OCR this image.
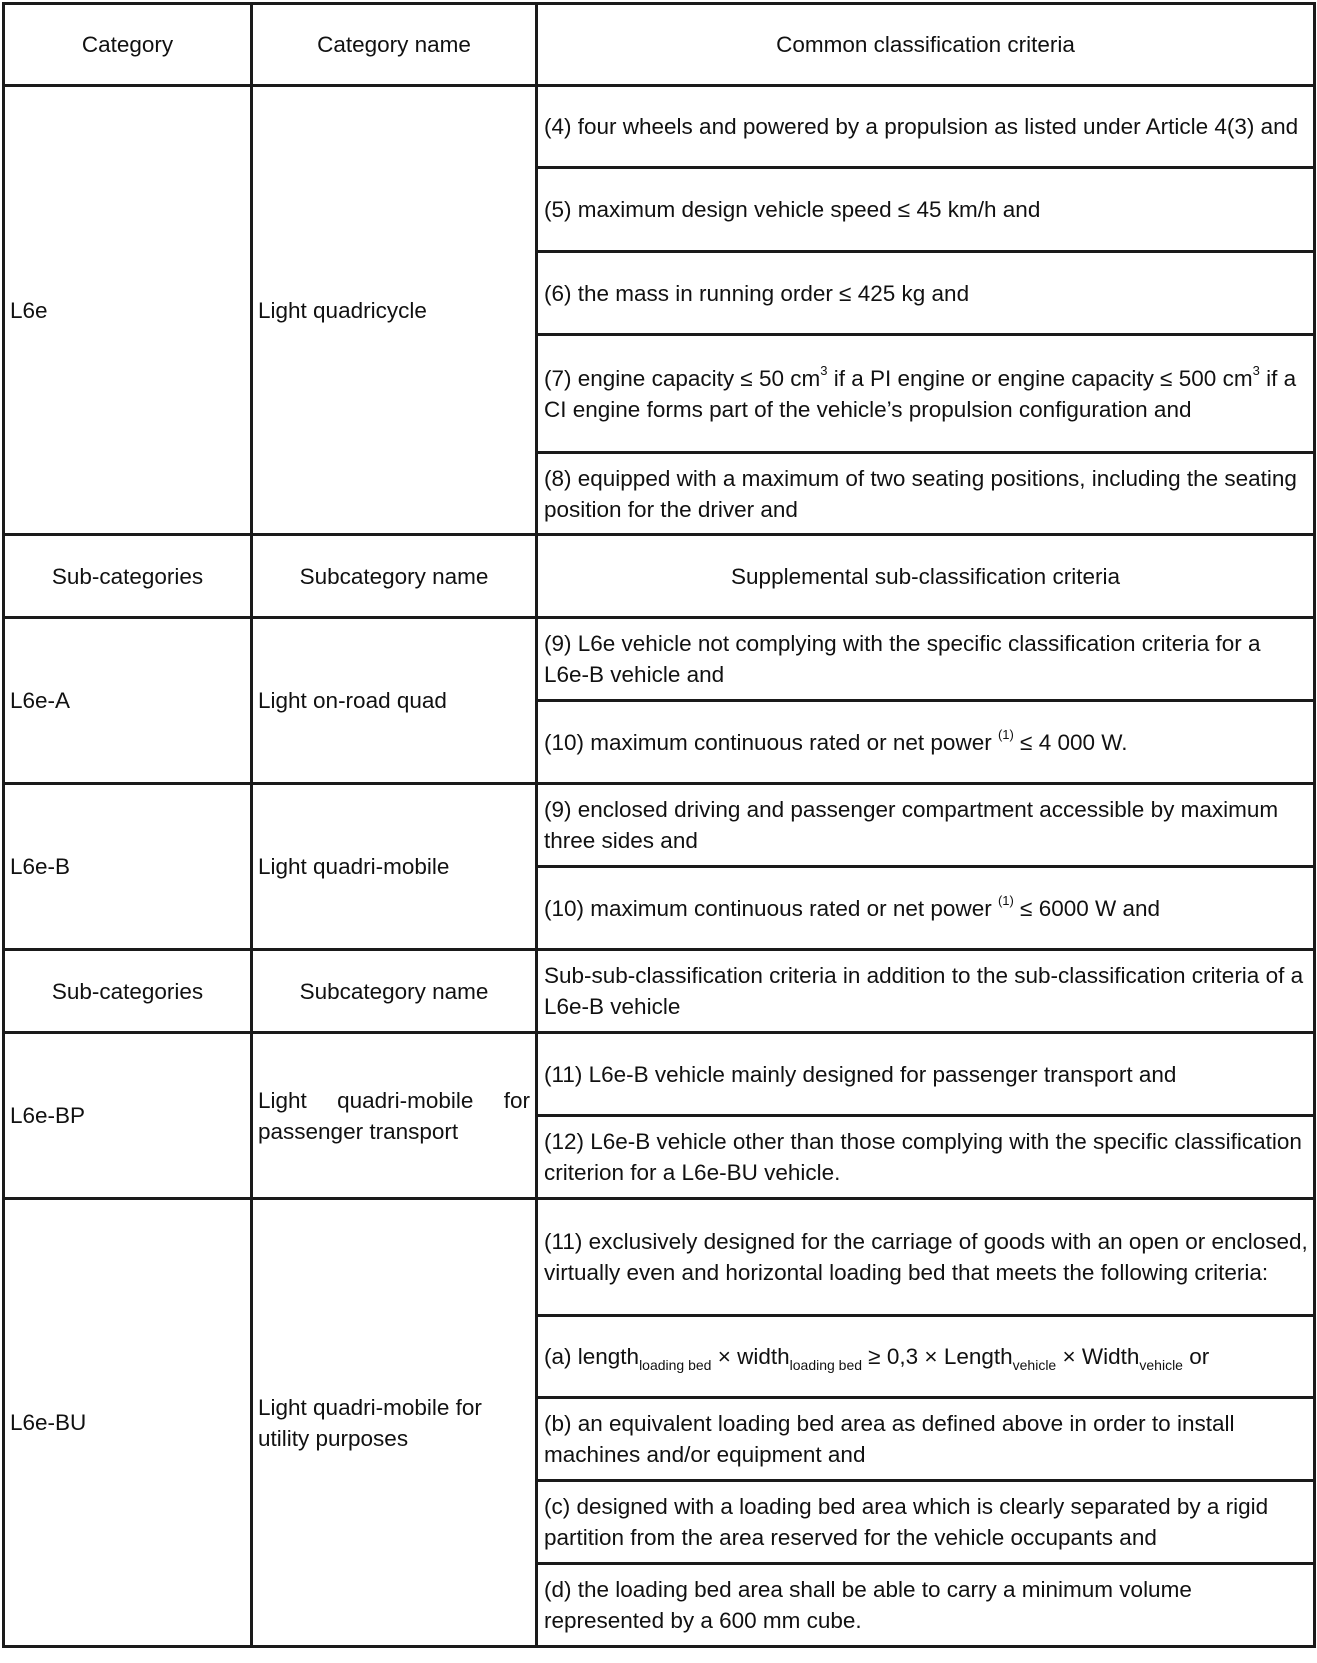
Category	Category name	Common classification criteria
L6e	Light quadricycle	(4) four wheels and powered by a propulsion as listed under Article 4(3) and
		(5) maximum design vehicle speed ≤ 45 km/h and
		(6) the mass in running order ≤ 425 kg and
		(7) engine capacity ≤ 50 $cm^3$ if a PI engine or engine capacity ≤ 500 $cm^3$ if a CI engine forms part of the vehicle’s propulsion configuration and
		(8) equipped with a maximum of two seating positions, including the seating position for the driver and
Sub-categories	Subcategory name	Supplemental sub-classification criteria
L6e-A	Light on-road quad	(9) L6e vehicle not complying with the specific classification criteria for a L6e-B vehicle and
		(10) maximum continuous rated or net power $^{(1)}$ ≤ 4 000 W.
L6e-B	Light quadri-mobile	(9) enclosed driving and passenger compartment accessible by maximum three sides and
		(10) maximum continuous rated or net power $^{(1)}$ ≤ 6000 W and
Sub-categories	Subcategory name	Sub-sub-classification criteria in addition to the sub-classification criteria of a L6e-B vehicle
L6e-BP	Light quadri-mobile for passenger transport	(11) L6e-B vehicle mainly designed for passenger transport and
		(12) L6e-B vehicle other than those complying with the specific classification criterion for a L6e-BU vehicle.
L6e-BU	Light quadri-mobile for utility purposes	(11) exclusively designed for the carriage of goods with an open or enclosed, virtually even and horizontal loading bed that meets the following criteria:
		(a) length$_{loading bed}$ × width$_{loading bed}$ ≥ 0,3 × Length$_{vehicle}$ × Width$_{vehicle}$ or
		(b) an equivalent loading bed area as defined above in order to install machines and/or equipment and
		(c) designed with a loading bed area which is clearly separated by a rigid partition from the area reserved for the vehicle occupants and
		(d) the loading bed area shall be able to carry a minimum volume represented by a 600 mm cube.
